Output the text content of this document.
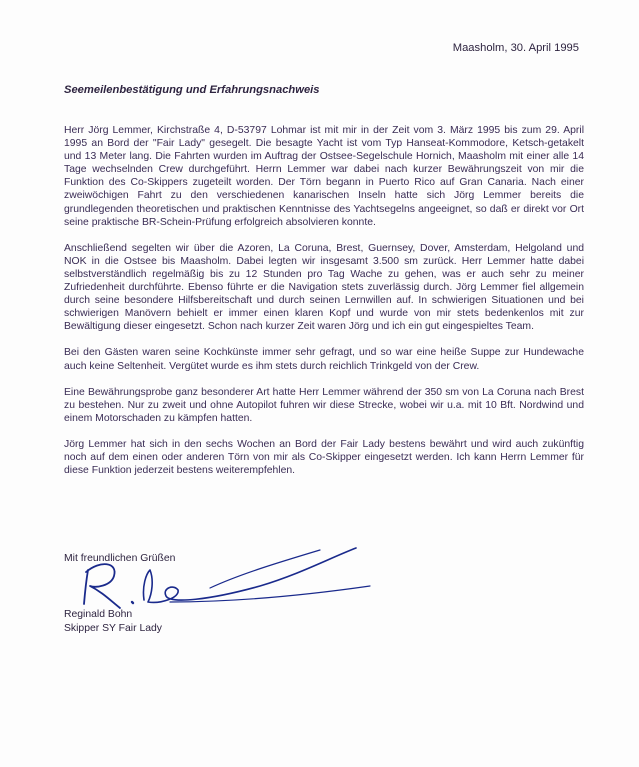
Maasholm, 30. April 1995
Seemeilenbestätigung und Erfahrungsnachweis

Herr Jörg Lemmer, Kirchstraße 4, D-53797 Lohmar ist mit mir in der Zeit vom 3. März 1995 bis zum 29. April 1995 an Bord der "Fair Lady" gesegelt. Die besagte Yacht ist vom Typ Hanseat-Kommodore, Ketsch-getakelt und 13 Meter lang. Die Fahrten wurden im Auftrag der Ostsee-Segelschule Hornich, Maasholm mit einer alle 14 Tage wechselnden Crew durchgeführt. Herrn Lemmer war dabei nach kurzer Bewährungszeit von mir die Funktion des Co-Skippers zugeteilt worden. Der Törn begann in Puerto Rico auf Gran Canaria. Nach einer zweiwöchigen Fahrt zu den verschiedenen kanarischen Inseln hatte sich Jörg Lemmer bereits die grundlegenden theoretischen und praktischen Kenntnisse des Yachtsegelns angeeignet, so daß er direkt vor Ort seine praktische BR-Schein-Prüfung erfolgreich absolvieren konnte.

Anschließend segelten wir über die Azoren, La Coruna, Brest, Guernsey, Dover, Amsterdam, Helgoland und NOK in die Ostsee bis Maasholm. Dabei legten wir insgesamt 3.500 sm zurück. Herr Lemmer hatte dabei selbstverständlich regelmäßig bis zu 12 Stunden pro Tag Wache zu gehen, was er auch sehr zu meiner Zufriedenheit durchführte. Ebenso führte er die Navigation stets zuverlässig durch. Jörg Lemmer fiel allgemein durch seine besondere Hilfsbereitschaft und durch seinen Lernwillen auf. In schwierigen Situationen und bei schwierigen Manövern behielt er immer einen klaren Kopf und wurde von mir stets bedenkenlos mit zur Bewältigung dieser eingesetzt. Schon nach kurzer Zeit waren Jörg und ich ein gut eingespieltes Team.

Bei den Gästen waren seine Kochkünste immer sehr gefragt, und so war eine heiße Suppe zur Hundewache auch keine Seltenheit. Vergütet wurde es ihm stets durch reichlich Trinkgeld von der Crew.

Eine Bewährungsprobe ganz besonderer Art hatte Herr Lemmer während der 350 sm von La Coruna nach Brest zu bestehen. Nur zu zweit und ohne Autopilot fuhren wir diese Strecke, wobei wir u.a. mit 10 Bft. Nordwind und einem Motorschaden zu kämpfen hatten.

Jörg Lemmer hat sich in den sechs Wochen an Bord der Fair Lady bestens bewährt und wird auch zukünftig noch auf dem einen oder anderen Törn von mir als Co-Skipper eingesetzt werden. Ich kann Herrn Lemmer für diese Funktion jederzeit bestens weiterempfehlen.

Mit freundlichen Grüßen
Reginald Bohn
Skipper SY Fair Lady
